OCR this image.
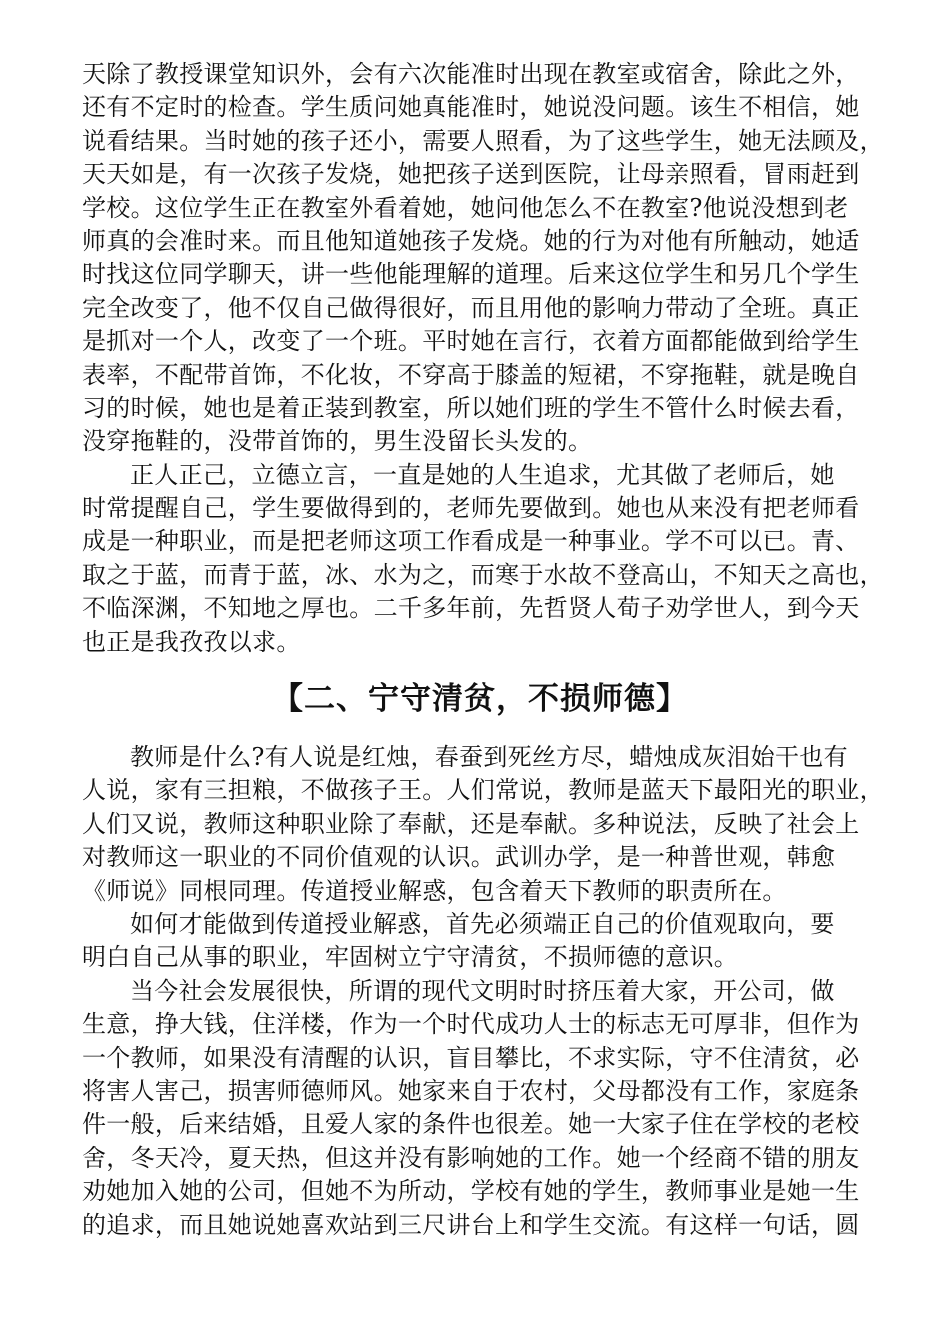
天除了教授课堂知识外，会有六次能准时出现在教室或宿舍，除此之外，
还有不定时的检查。学生质问她真能准时，她说没问题。该生不相信，她
说看结果。当时她的孩子还小，需要人照看，为了这些学生，她无法顾及，
天天如是，有一次孩子发烧，她把孩子送到医院，让母亲照看，冒雨赶到
学校。这位学生正在教室外看着她，她问他怎么不在教室?他说没想到老
师真的会准时来。而且他知道她孩子发烧。她的行为对他有所触动，她适
时找这位同学聊天，讲一些他能理解的道理。后来这位学生和另几个学生
完全改变了，他不仅自己做得很好，而且用他的影响力带动了全班。真正
是抓对一个人，改变了一个班。平时她在言行，衣着方面都能做到给学生
表率，不配带首饰，不化妆，不穿高于膝盖的短裙，不穿拖鞋，就是晚自
习的时候，她也是着正装到教室，所以她们班的学生不管什么时候去看，
没穿拖鞋的，没带首饰的，男生没留长头发的。
正人正己，立德立言，一直是她的人生追求，尤其做了老师后，她
时常提醒自己，学生要做得到的，老师先要做到。她也从来没有把老师看
成是一种职业，而是把老师这项工作看成是一种事业。学不可以已。青、
取之于蓝，而青于蓝，冰、水为之，而寒于水故不登高山，不知天之高也，
不临深渊，不知地之厚也。二千多年前，先哲贤人荀子劝学世人，到今天
也正是我孜孜以求。
【二、宁守清贫，不损师德】
教师是什么?有人说是红烛，春蚕到死丝方尽，蜡烛成灰泪始干也有
人说，家有三担粮，不做孩子王。人们常说，教师是蓝天下最阳光的职业，
人们又说，教师这种职业除了奉献，还是奉献。多种说法，反映了社会上
对教师这一职业的不同价值观的认识。武训办学，是一种普世观，韩愈
《师说》同根同理。传道授业解惑，包含着天下教师的职责所在。
如何才能做到传道授业解惑，首先必须端正自己的价值观取向，要
明白自己从事的职业，牢固树立宁守清贫，不损师德的意识。
当今社会发展很快，所谓的现代文明时时挤压着大家，开公司，做
生意，挣大钱，住洋楼，作为一个时代成功人士的标志无可厚非，但作为
一个教师，如果没有清醒的认识，盲目攀比，不求实际，守不住清贫，必
将害人害己，损害师德师风。她家来自于农村，父母都没有工作，家庭条
件一般，后来结婚，且爱人家的条件也很差。她一大家子住在学校的老校
舍，冬天冷，夏天热，但这并没有影响她的工作。她一个经商不错的朋友
劝她加入她的公司，但她不为所动，学校有她的学生，教师事业是她一生
的追求，而且她说她喜欢站到三尺讲台上和学生交流。有这样一句话，圆
